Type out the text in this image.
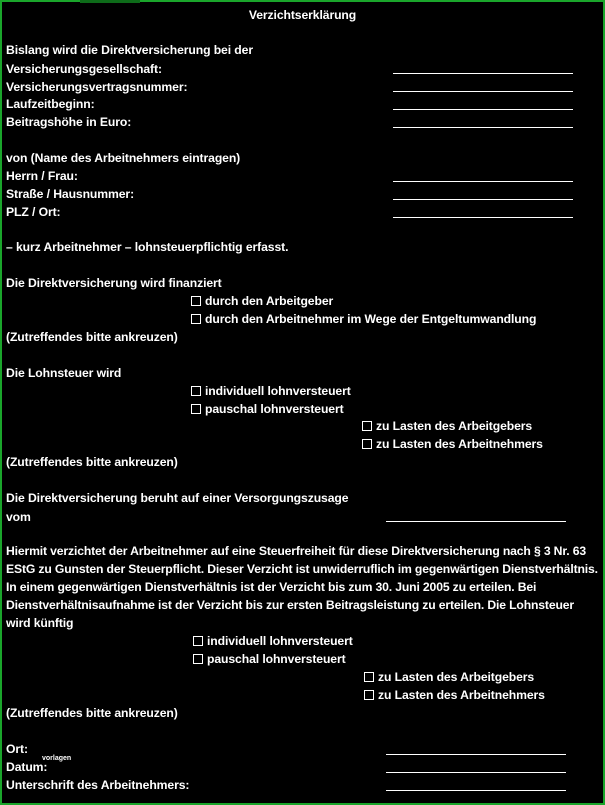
Verzichtserklärung
Bislang wird die Direktversicherung bei der
Versicherungsgesellschaft:
Versicherungsvertragsnummer:
Laufzeitbeginn:
Beitragshöhe in Euro:
von (Name des Arbeitnehmers eintragen)
Herrn / Frau:
Straße / Hausnummer:
PLZ / Ort:
– kurz Arbeitnehmer – lohnsteuerpflichtig erfasst.
Die Direktversicherung wird finanziert
durch den Arbeitgeber
durch den Arbeitnehmer im Wege der Entgeltumwandlung
(Zutreffendes bitte ankreuzen)
Die Lohnsteuer wird
individuell lohnversteuert
pauschal lohnversteuert
zu Lasten des Arbeitgebers
zu Lasten des Arbeitnehmers
(Zutreffendes bitte ankreuzen)
Die Direktversicherung beruht auf einer Versorgungszusage
vom
Hiermit verzichtet der Arbeitnehmer auf eine Steuerfreiheit für diese Direktversicherung nach § 3 Nr. 63 EStG zu Gunsten der Steuerpflicht. Dieser Verzicht ist unwiderruflich im gegenwärtigen Dienstverhältnis. In einem gegenwärtigen Dienstverhältnis ist der Verzicht bis zum 30. Juni 2005 zu erteilen. Bei Dienstverhältnisaufnahme ist der Verzicht bis zur ersten Beitragsleistung zu erteilen. Die Lohnsteuer wird künftig
individuell lohnversteuert
pauschal lohnversteuert
zu Lasten des Arbeitgebers
zu Lasten des Arbeitnehmers
(Zutreffendes bitte ankreuzen)
Ort:
Datum:
vorlagen
Unterschrift des Arbeitnehmers:
